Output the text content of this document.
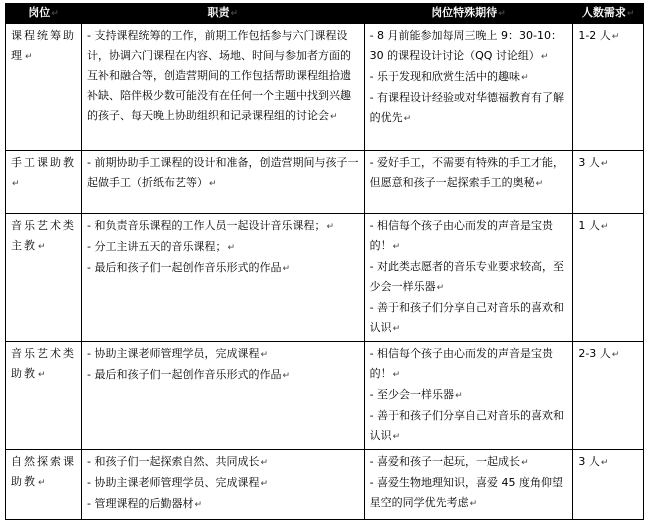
岗位↵	职责↵	岗位特殊期待↵	人数需求↵
课程统筹助理↵	- 支持课程统筹的工作，前期工作包括参与六门课程设计，协调六门课程在内容、场地、时间与参加者方面的互补和融合等，创造营期间的工作包括帮助课程组拾遗补缺、陪伴极少数可能没有在任何一个主题中找到兴趣的孩子、每天晚上协助组织和记录课程组的讨论会↵	- 8 月前能参加每周三晚上 9：30-10：30 的课程设计讨论（QQ 讨论组）↵
- 乐于发现和欣赏生活中的趣味↵
- 有课程设计经验或对华德福教育有了解的优先↵	1-2 人↵
手工课助教↵	- 前期协助手工课程的设计和准备，创造营期间与孩子一起做手工（折纸布艺等）↵	- 爱好手工，不需要有特殊的手工才能，但愿意和孩子一起探索手工的奥秘↵	3 人↵
音乐艺术类主教↵	- 和负责音乐课程的工作人员一起设计音乐课程；↵
- 分工主讲五天的音乐课程；↵
- 最后和孩子们一起创作音乐形式的作品↵	- 相信每个孩子由心而发的声音是宝贵的！↵
- 对此类志愿者的音乐专业要求较高，至少会一样乐器↵
- 善于和孩子们分享自己对音乐的喜欢和认识↵	1 人↵
音乐艺术类助教↵	- 协助主课老师管理学员，完成课程↵
- 最后和孩子们一起创作音乐形式的作品↵	- 相信每个孩子由心而发的声音是宝贵的！↵
- 至少会一样乐器↵
- 善于和孩子们分享自己对音乐的喜欢和认识↵	2-3 人↵
自然探索课助教↵	- 和孩子们一起探索自然、共同成长↵
- 协助主课老师管理学员、完成课程↵
- 管理课程的后勤器材↵	- 喜爱和孩子一起玩，一起成长↵
- 喜爱生物地理知识，喜爱 45 度角仰望星空的同学优先考虑↵	3 人↵
